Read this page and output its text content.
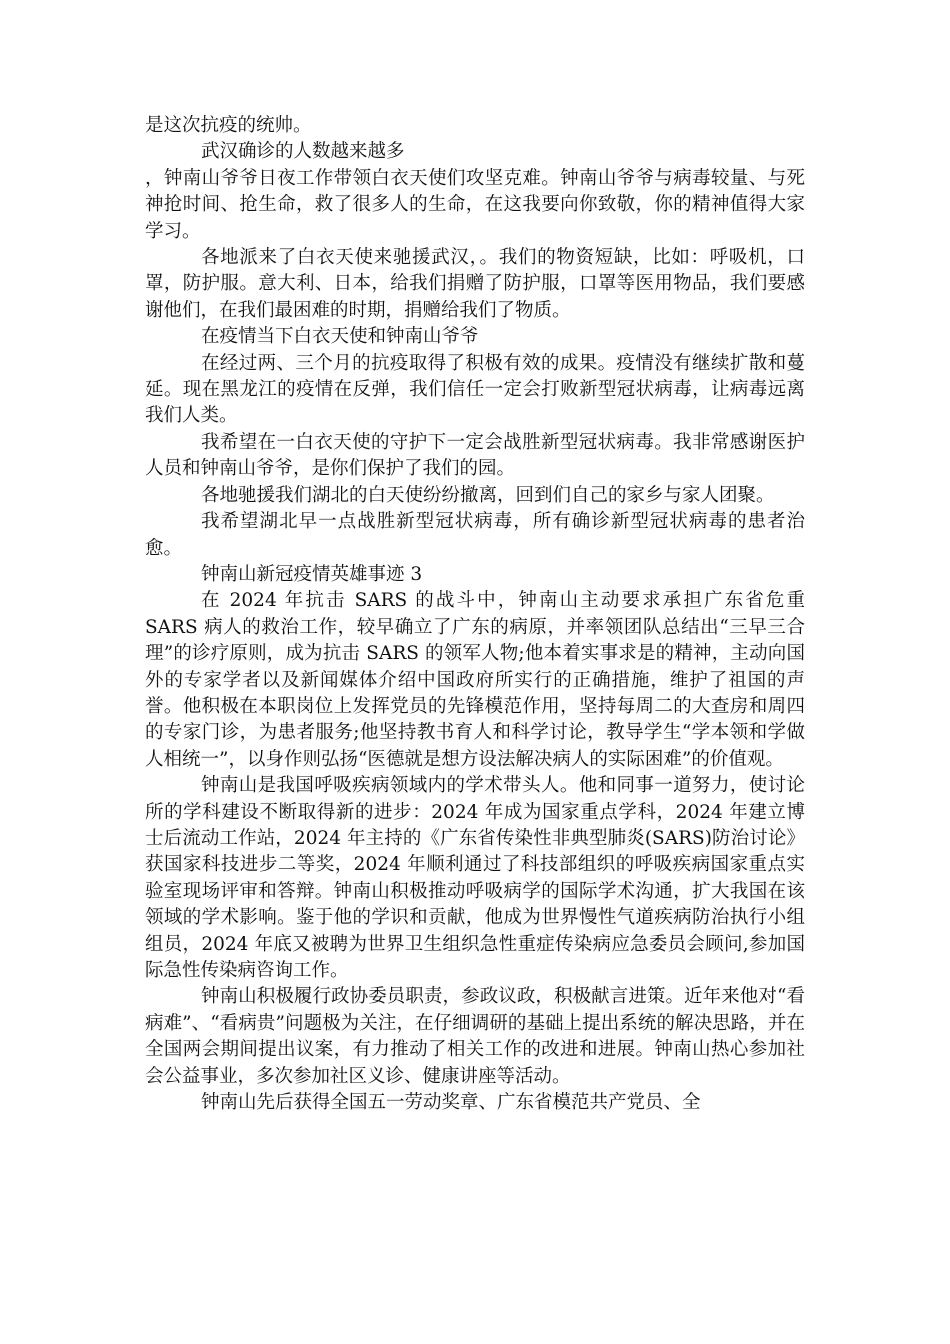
是这次抗疫的统帅。

武汉确诊的人数越来越多

，钟南山爷爷日夜工作带领白衣天使们攻坚克难。钟南山爷爷与病毒较量、与死神抢时间、抢生命，救了很多人的生命，在这我要向你致敬，你的精神值得大家学习。

各地派来了白衣天使来驰援武汉，。我们的物资短缺，比如：呼吸机，口罩，防护服。意大利、日本，给我们捐赠了防护服，口罩等医用物品，我们要感谢他们，在我们最困难的时期，捐赠给我们了物质。

在疫情当下白衣天使和钟南山爷爷

在经过两、三个月的抗疫取得了积极有效的成果。疫情没有继续扩散和蔓延。现在黑龙江的疫情在反弹，我们信任一定会打败新型冠状病毒，让病毒远离我们人类。

我希望在一白衣天使的守护下一定会战胜新型冠状病毒。我非常感谢医护人员和钟南山爷爷，是你们保护了我们的园。

各地驰援我们湖北的白天使纷纷撤离，回到们自己的家乡与家人团聚。

我希望湖北早一点战胜新型冠状病毒，所有确诊新型冠状病毒的患者治愈。

钟南山新冠疫情英雄事迹 3

在 2024 年抗击 SARS 的战斗中，钟南山主动要求承担广东省危重 SARS 病人的救治工作，较早确立了广东的病原，并率领团队总结出“三早三合理”的诊疗原则，成为抗击 SARS 的领军人物;他本着实事求是的精神，主动向国外的专家学者以及新闻媒体介绍中国政府所实行的正确措施，维护了祖国的声誉。他积极在本职岗位上发挥党员的先锋模范作用，坚持每周二的大查房和周四的专家门诊，为患者服务;他坚持教书育人和科学讨论，教导学生“学本领和学做人相统一”，以身作则弘扬“医德就是想方设法解决病人的实际困难”的价值观。

钟南山是我国呼吸疾病领域内的学术带头人。他和同事一道努力，使讨论所的学科建设不断取得新的进步：2024 年成为国家重点学科，2024 年建立博士后流动工作站，2024 年主持的《广东省传染性非典型肺炎(SARS)防治讨论》获国家科技进步二等奖，2024 年顺利通过了科技部组织的呼吸疾病国家重点实验室现场评审和答辩。钟南山积极推动呼吸病学的国际学术沟通，扩大我国在该领域的学术影响。鉴于他的学识和贡献，他成为世界慢性气道疾病防治执行小组组员，2024 年底又被聘为世界卫生组织急性重症传染病应急委员会顾问,参加国际急性传染病咨询工作。

钟南山积极履行政协委员职责，参政议政，积极献言进策。近年来他对“看病难”、“看病贵”问题极为关注，在仔细调研的基础上提出系统的解决思路，并在全国两会期间提出议案，有力推动了相关工作的改进和进展。钟南山热心参加社会公益事业，多次参加社区义诊、健康讲座等活动。

钟南山先后获得全国五一劳动奖章、广东省模范共产党员、全
